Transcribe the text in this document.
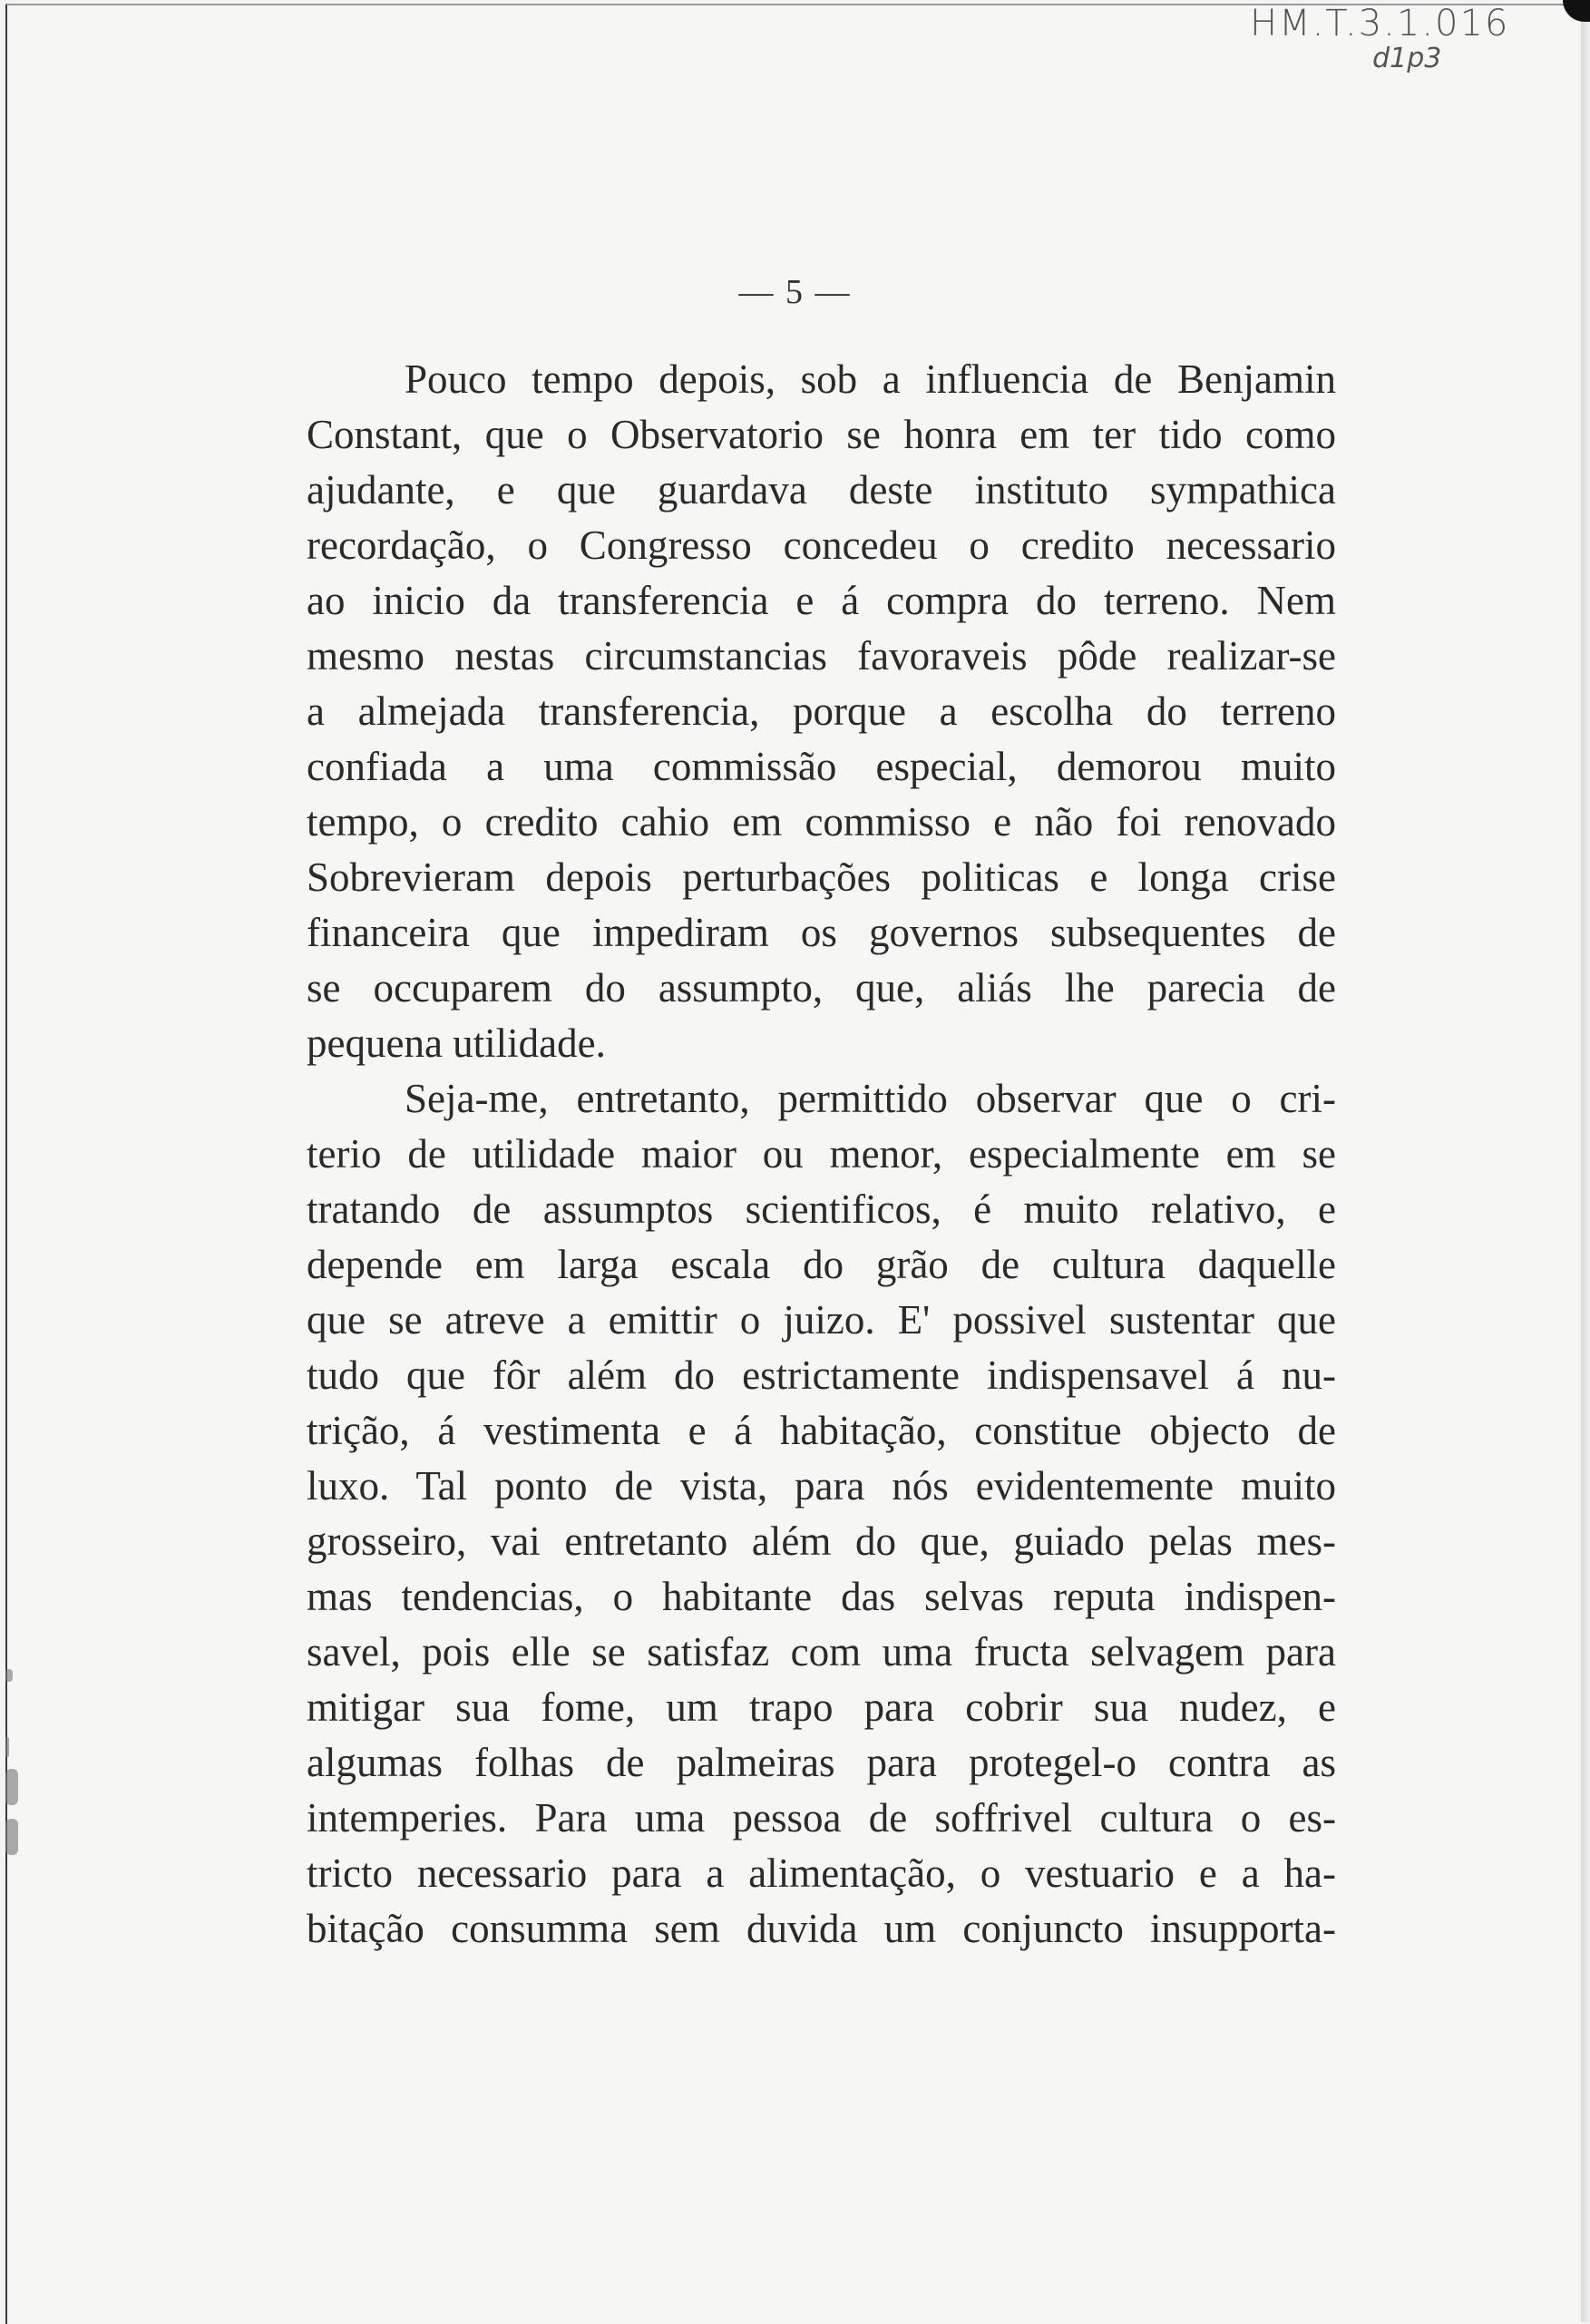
HM.T.3.1.016
d1p3
— 5 —
Pouco tempo depois, sob a influencia de Benjamin
Constant, que o Observatorio se honra em ter tido como
ajudante, e que guardava deste instituto sympathica
recordação, o Congresso concedeu o credito necessario
ao inicio da transferencia e á compra do terreno. Nem
mesmo nestas circumstancias favoraveis pôde realizar-se
a almejada transferencia, porque a escolha do terreno
confiada a uma commissão especial, demorou muito
tempo, o credito cahio em commisso e não foi renovado
Sobrevieram depois perturbações politicas e longa crise
financeira que impediram os governos subsequentes de
se occuparem do assumpto, que, aliás lhe parecia de
pequena utilidade.
Seja-me, entretanto, permittido observar que o cri-
terio de utilidade maior ou menor, especialmente em se
tratando de assumptos scientificos, é muito relativo, e
depende em larga escala do grão de cultura daquelle
que se atreve a emittir o juizo. E' possivel sustentar que
tudo que fôr além do estrictamente indispensavel á nu-
trição, á vestimenta e á habitação, constitue objecto de
luxo. Tal ponto de vista, para nós evidentemente muito
grosseiro, vai entretanto além do que, guiado pelas mes-
mas tendencias, o habitante das selvas reputa indispen-
savel, pois elle se satisfaz com uma fructa selvagem para
mitigar sua fome, um trapo para cobrir sua nudez, e
algumas folhas de palmeiras para protegel-o contra as
intemperies. Para uma pessoa de soffrivel cultura o es-
tricto necessario para a alimentação, o vestuario e a ha-
bitação consumma sem duvida um conjuncto insupporta-
